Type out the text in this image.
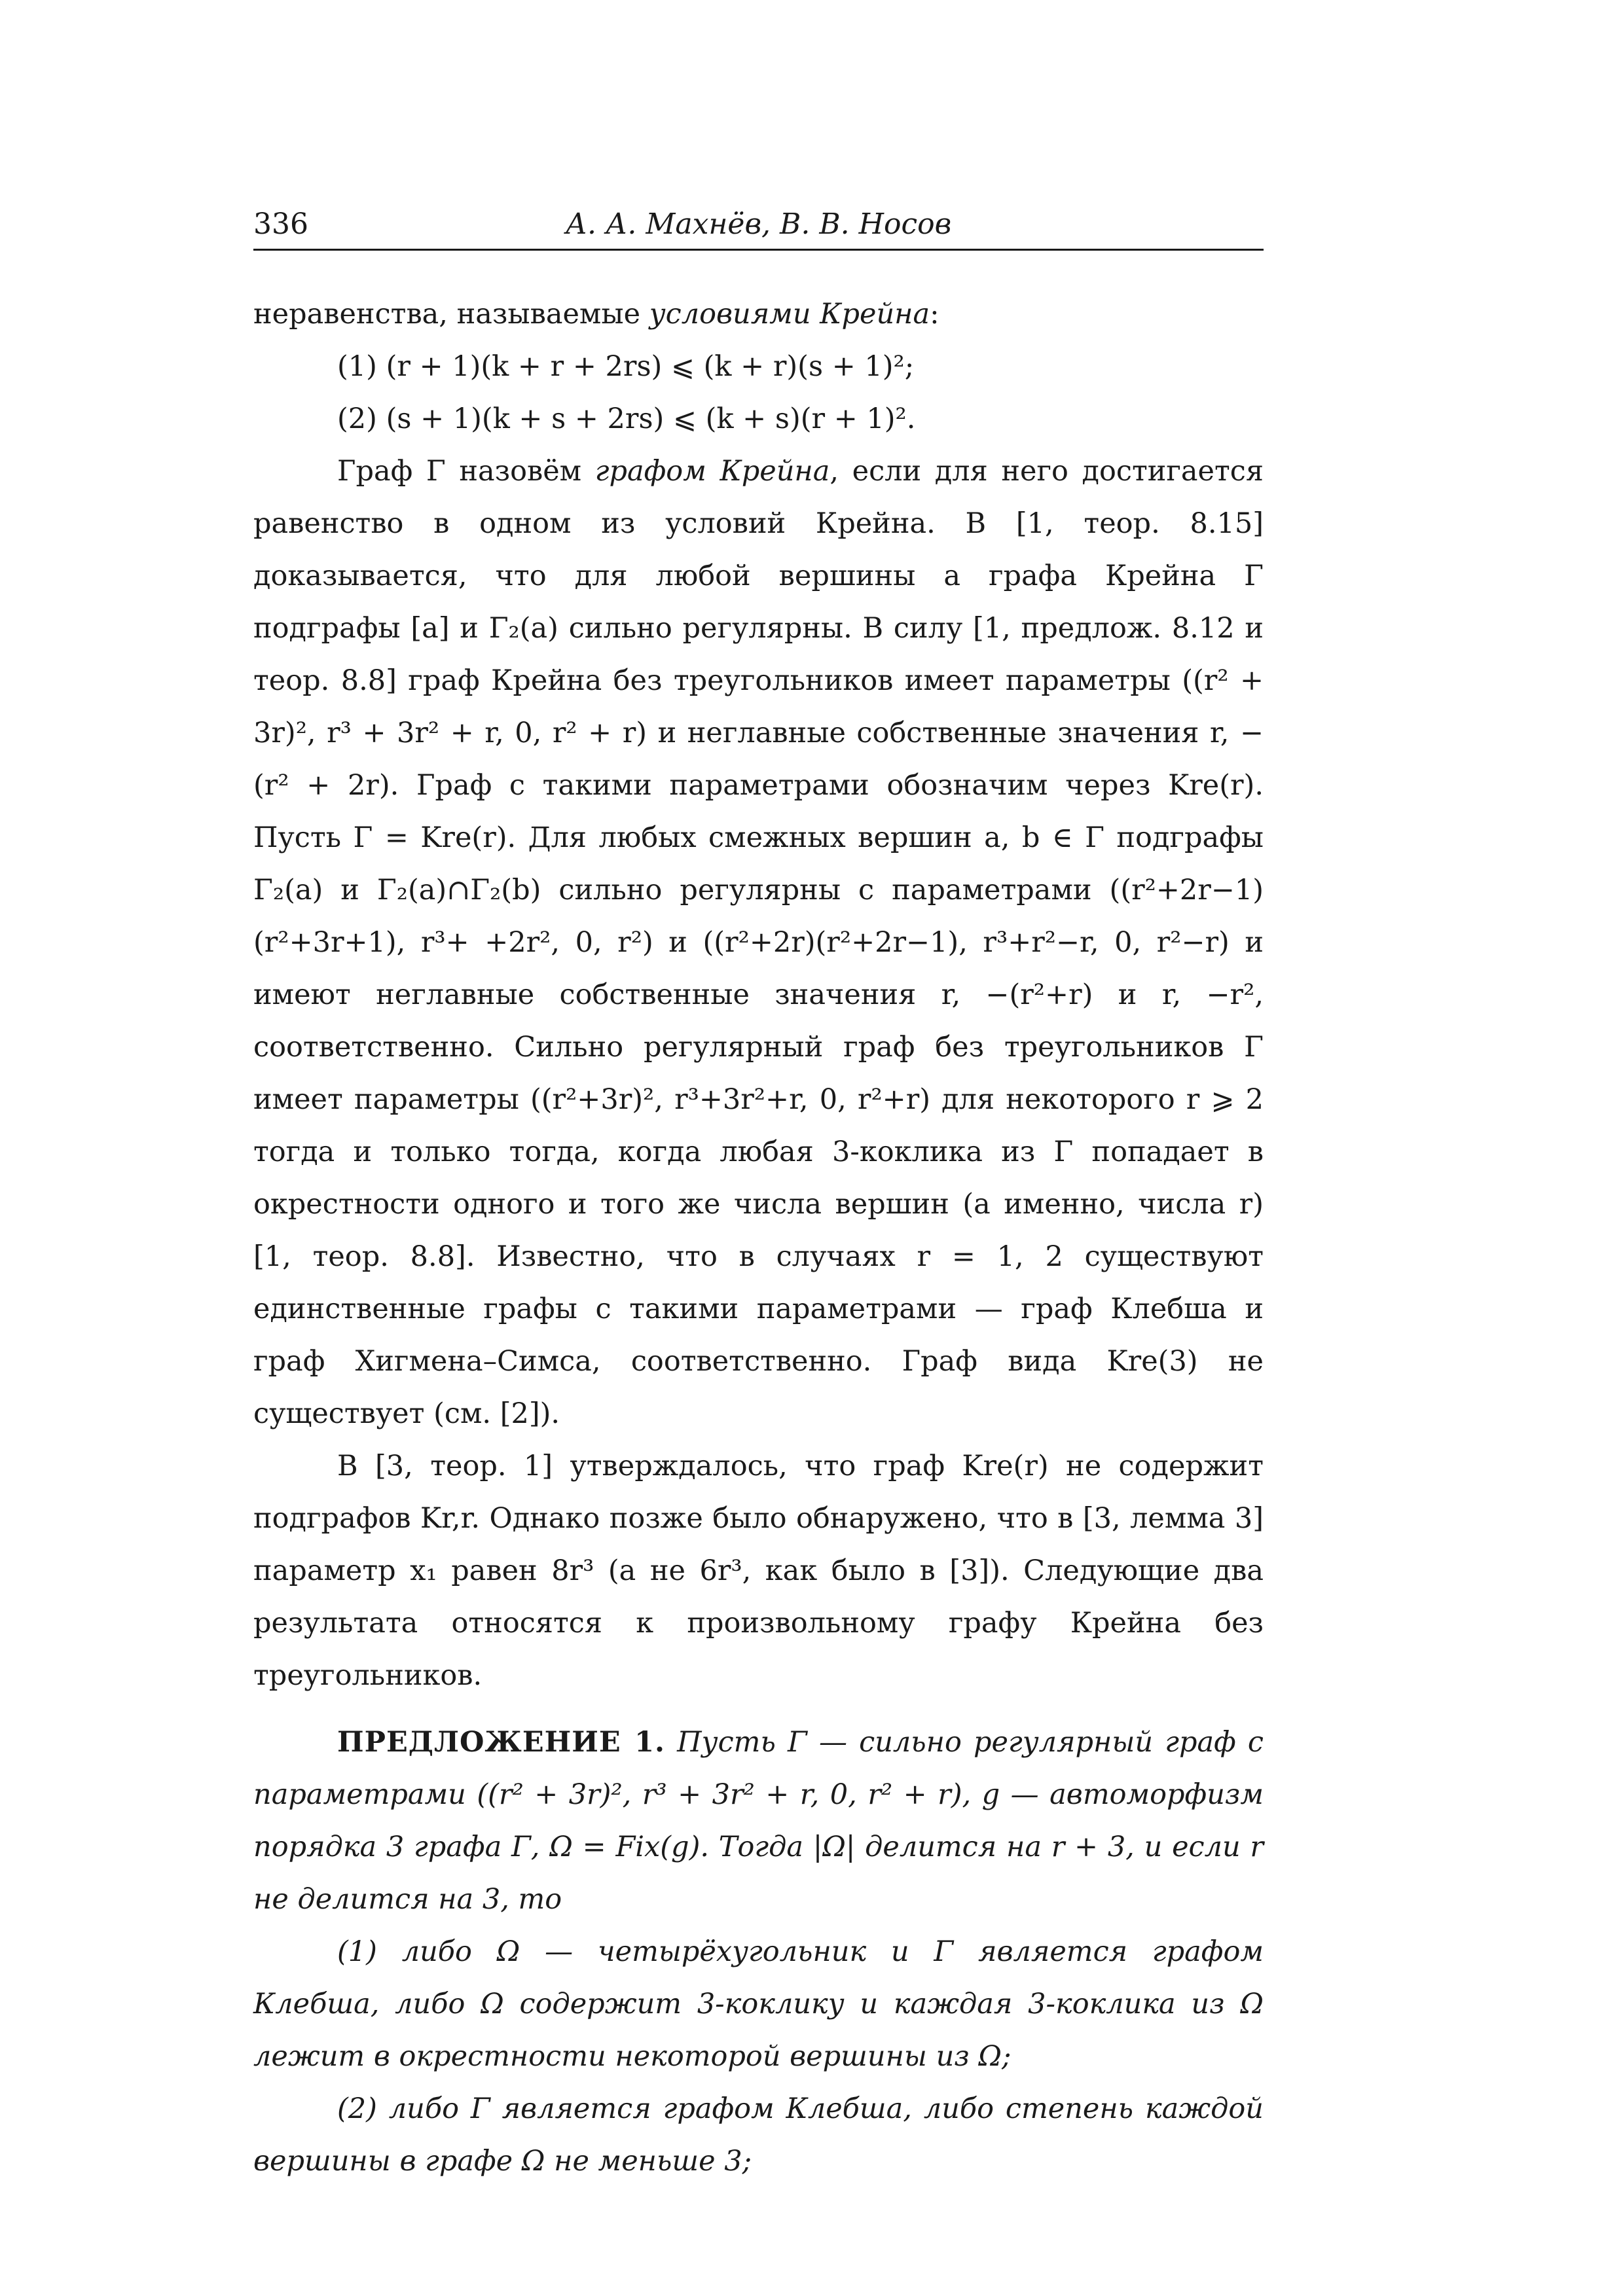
336	А. А. Махнёв, В. В. Носов

неравенства, называемые условиями Крейна:

(1) (r + 1)(k + r + 2rs) ⩽ (k + r)(s + 1)²;

(2) (s + 1)(k + s + 2rs) ⩽ (k + s)(r + 1)².

Граф Γ назовём графом Крейна, если для него достигается равенство в одном из условий Крейна. В [1, теор. 8.15] доказывается, что для любой вершины a графа Крейна Γ подграфы [a] и Γ₂(a) сильно регулярны. В силу [1, предлож. 8.12 и теор. 8.8] граф Крейна без треугольников имеет параметры ((r² + 3r)², r³ + 3r² + r, 0, r² + r) и неглавные собственные значения r, −(r² + 2r). Граф с такими параметрами обозначим через Kre(r). Пусть Γ = Kre(r). Для любых смежных вершин a, b ∈ Γ подграфы Γ₂(a) и Γ₂(a)∩Γ₂(b) сильно регулярны с параметрами ((r²+2r−1)(r²+3r+1), r³+ +2r², 0, r²) и ((r²+2r)(r²+2r−1), r³+r²−r, 0, r²−r) и имеют неглавные собственные значения r, −(r²+r) и r, −r², соответственно. Сильно регулярный граф без треугольников Γ имеет параметры ((r²+3r)², r³+3r²+r, 0, r²+r) для некоторого r ⩾ 2 тогда и только тогда, когда любая 3-коклика из Γ попадает в окрестности одного и того же числа вершин (а именно, числа r) [1, теор. 8.8]. Известно, что в случаях r = 1, 2 существуют единственные графы с такими параметрами — граф Клебша и граф Хигмена–Симса, соответственно. Граф вида Kre(3) не существует (см. [2]).

В [3, теор. 1] утверждалось, что граф Kre(r) не содержит подграфов Kr,r. Однако позже было обнаружено, что в [3, лемма 3] параметр x₁ равен 8r³ (а не 6r³, как было в [3]). Следующие два результата относятся к произвольному графу Крейна без треугольников.

ПРЕДЛОЖЕНИЕ 1. Пусть Γ — сильно регулярный граф с параметрами ((r² + 3r)², r³ + 3r² + r, 0, r² + r), g — автоморфизм порядка 3 графа Γ, Ω = Fix(g). Тогда |Ω| делится на r + 3, и если r не делится на 3, то

(1) либо Ω — четырёхугольник и Γ является графом Клебша, либо Ω содержит 3-коклику и каждая 3-коклика из Ω лежит в окрестности некоторой вершины из Ω;

(2) либо Γ является графом Клебша, либо степень каждой вершины в графе Ω не меньше 3;
